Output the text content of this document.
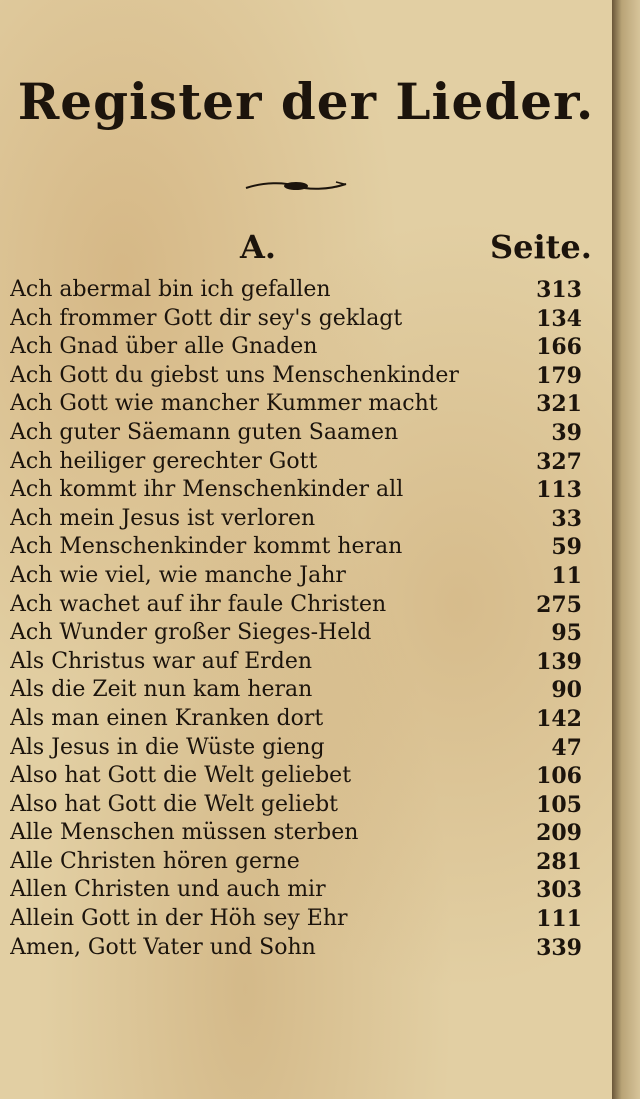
Register der Lieder.
A.	Seite.
Ach abermal bin ich gefallen	313
Ach frommer Gott dir sey's geklagt	134
Ach Gnad über alle Gnaden	166
Ach Gott du giebst uns Menschenkinder	179
Ach Gott wie mancher Kummer macht	321
Ach guter Säemann guten Saamen	39
Ach heiliger gerechter Gott	327
Ach kommt ihr Menschenkinder all	113
Ach mein Jesus ist verloren	33
Ach Menschenkinder kommt heran	59
Ach wie viel, wie manche Jahr	11
Ach wachet auf ihr faule Christen	275
Ach Wunder großer Sieges-Held	95
Als Christus war auf Erden	139
Als die Zeit nun kam heran	90
Als man einen Kranken dort	142
Als Jesus in die Wüste gieng	47
Also hat Gott die Welt geliebet	106
Also hat Gott die Welt geliebt	105
Alle Menschen müssen sterben	209
Alle Christen hören gerne	281
Allen Christen und auch mir	303
Allein Gott in der Höh sey Ehr	111
Amen, Gott Vater und Sohn	339
